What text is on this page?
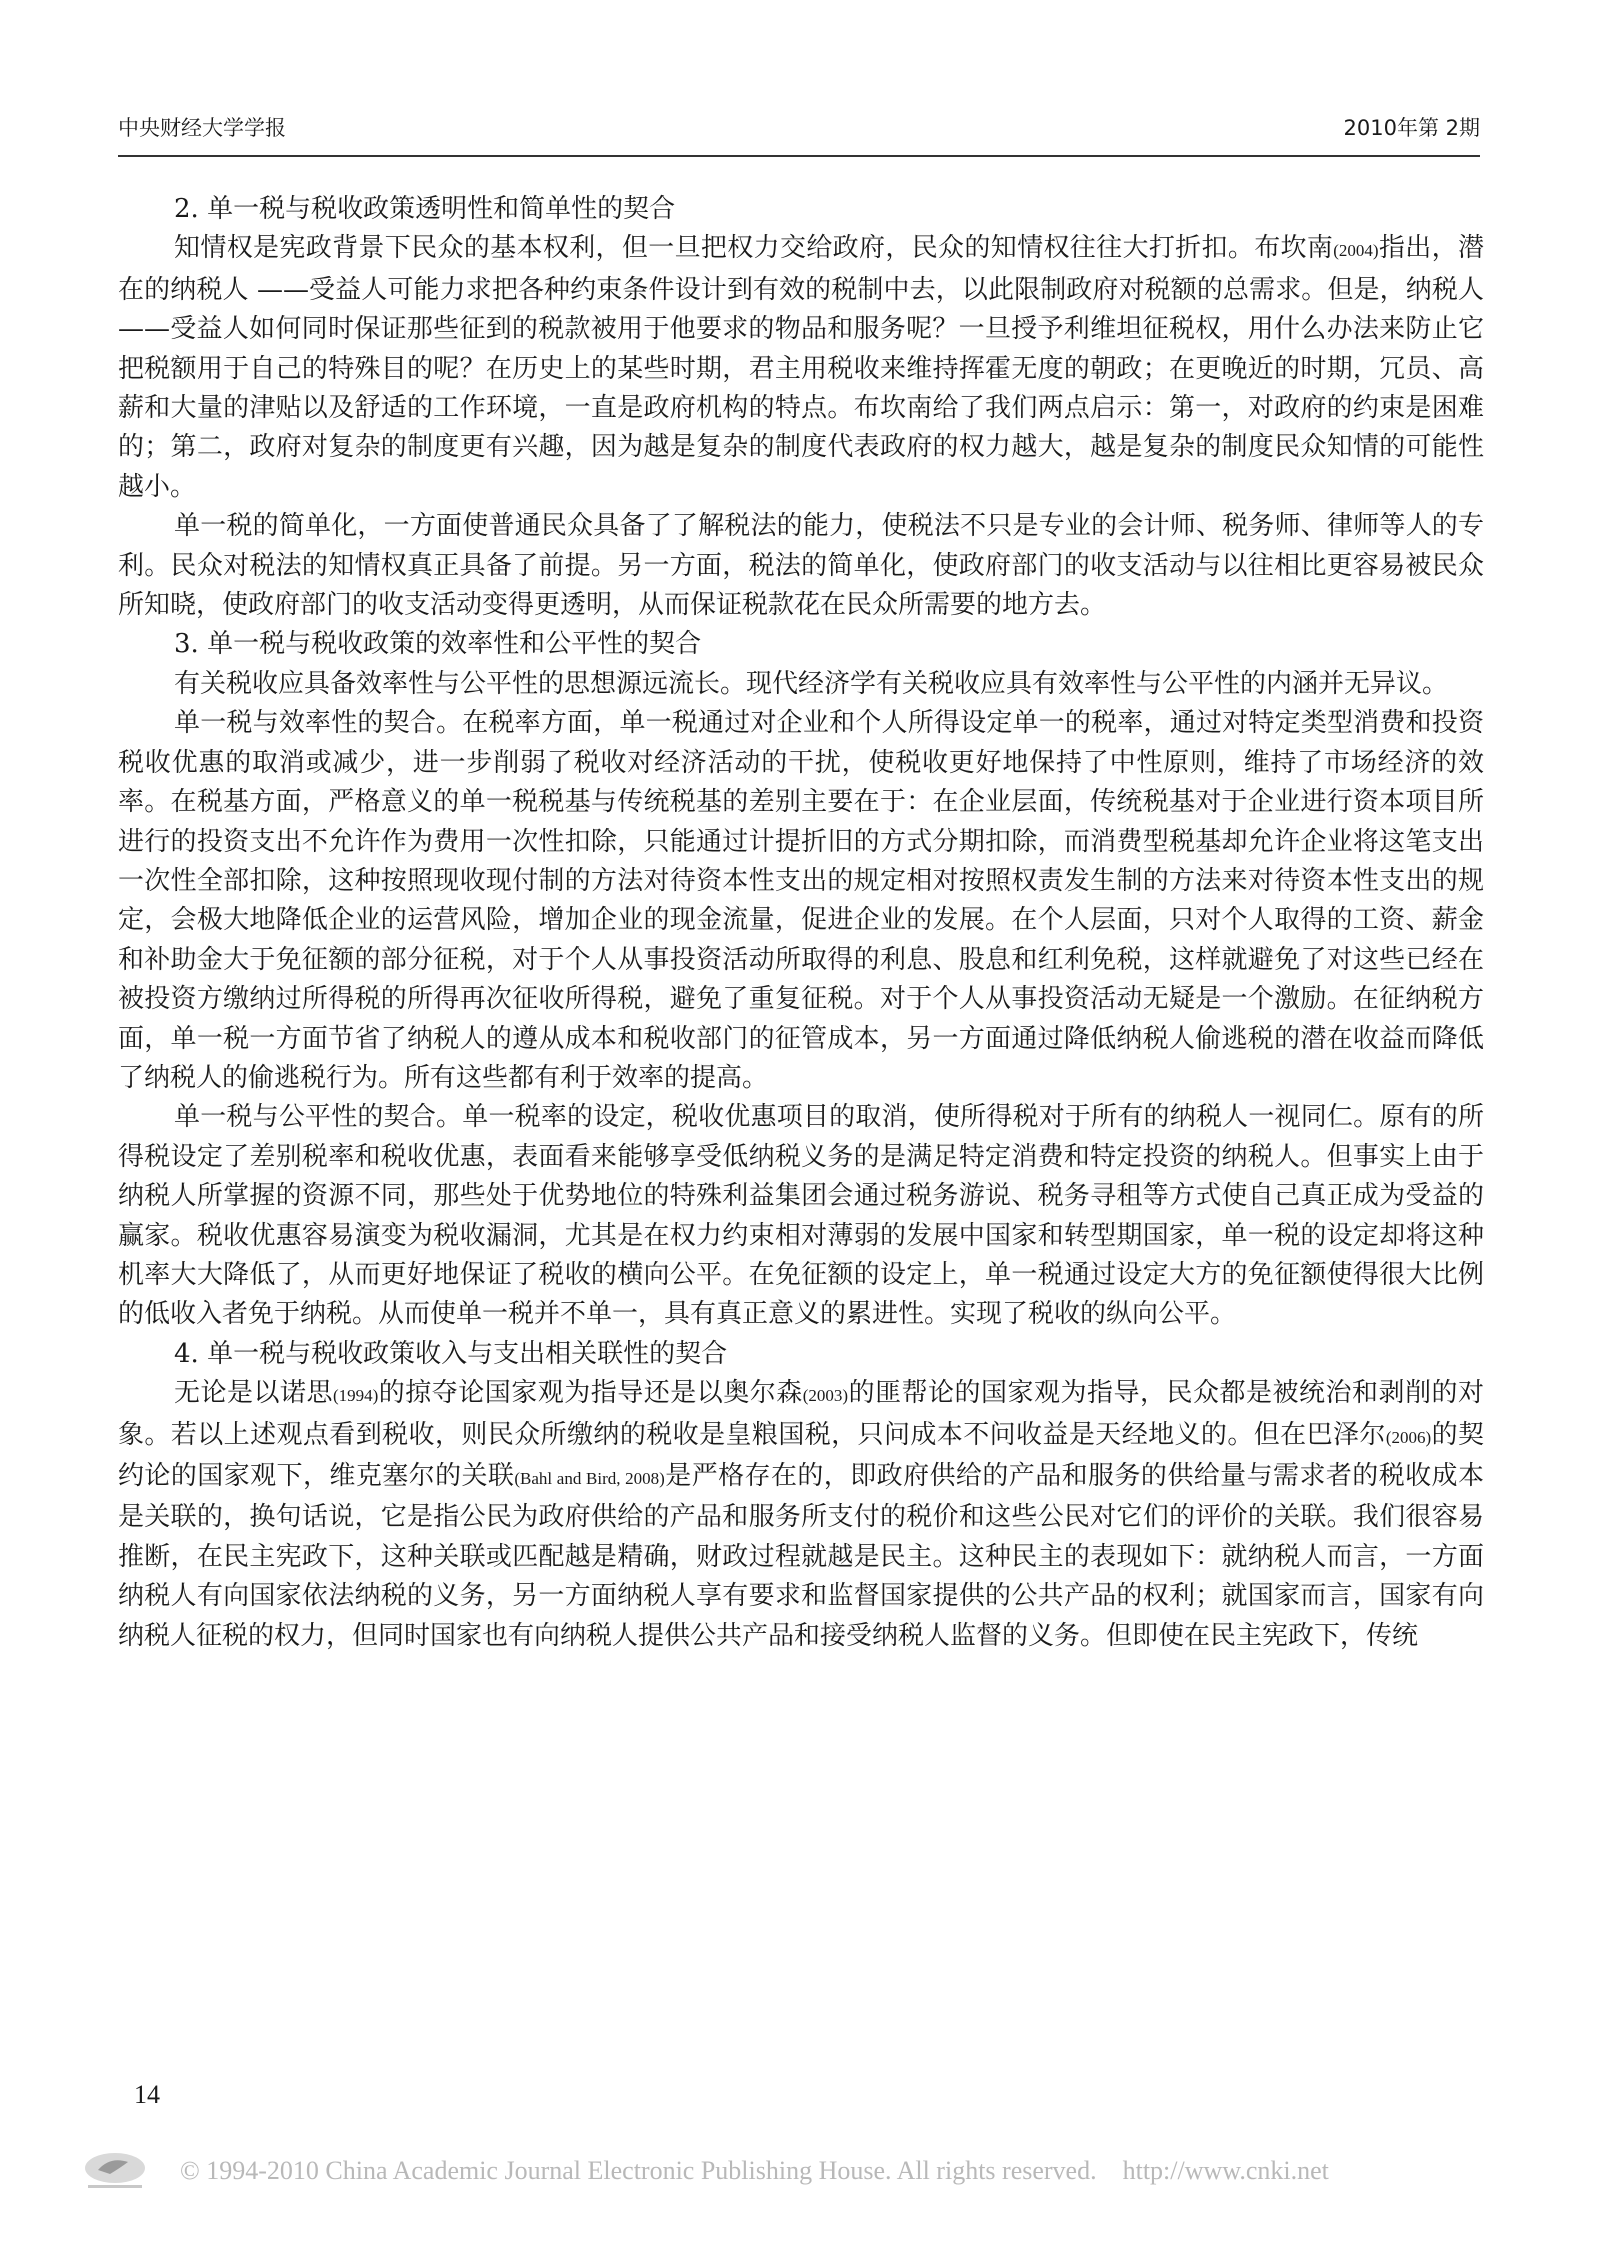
中央财经大学学报	2010年第 2期
2. 单一税与税收政策透明性和简单性的契合

知情权是宪政背景下民众的基本权利，但一旦把权力交给政府，民众的知情权往往大打折扣。布坎南(2004)指出，潜在的纳税人 ——受益人可能力求把各种约束条件设计到有效的税制中去，以此限制政府对税额的总需求。但是，纳税人 ——受益人如何同时保证那些征到的税款被用于他要求的物品和服务呢？一旦授予利维坦征税权，用什么办法来防止它把税额用于自己的特殊目的呢？在历史上的某些时期，君主用税收来维持挥霍无度的朝政；在更晚近的时期，冗员、高薪和大量的津贴以及舒适的工作环境，一直是政府机构的特点。布坎南给了我们两点启示：第一，对政府的约束是困难的；第二，政府对复杂的制度更有兴趣，因为越是复杂的制度代表政府的权力越大，越是复杂的制度民众知情的可能性越小。

单一税的简单化，一方面使普通民众具备了了解税法的能力，使税法不只是专业的会计师、税务师、律师等人的专利。民众对税法的知情权真正具备了前提。另一方面，税法的简单化，使政府部门的收支活动与以往相比更容易被民众所知晓，使政府部门的收支活动变得更透明，从而保证税款花在民众所需要的地方去。

3. 单一税与税收政策的效率性和公平性的契合

有关税收应具备效率性与公平性的思想源远流长。现代经济学有关税收应具有效率性与公平性的内涵并无异议。

单一税与效率性的契合。在税率方面，单一税通过对企业和个人所得设定单一的税率，通过对特定类型消费和投资税收优惠的取消或减少，进一步削弱了税收对经济活动的干扰，使税收更好地保持了中性原则，维持了市场经济的效率。在税基方面，严格意义的单一税税基与传统税基的差别主要在于：在企业层面，传统税基对于企业进行资本项目所进行的投资支出不允许作为费用一次性扣除，只能通过计提折旧的方式分期扣除，而消费型税基却允许企业将这笔支出一次性全部扣除，这种按照现收现付制的方法对待资本性支出的规定相对按照权责发生制的方法来对待资本性支出的规定，会极大地降低企业的运营风险，增加企业的现金流量，促进企业的发展。在个人层面，只对个人取得的工资、薪金和补助金大于免征额的部分征税，对于个人从事投资活动所取得的利息、股息和红利免税，这样就避免了对这些已经在被投资方缴纳过所得税的所得再次征收所得税，避免了重复征税。对于个人从事投资活动无疑是一个激励。在征纳税方面，单一税一方面节省了纳税人的遵从成本和税收部门的征管成本，另一方面通过降低纳税人偷逃税的潜在收益而降低了纳税人的偷逃税行为。所有这些都有利于效率的提高。

单一税与公平性的契合。单一税率的设定，税收优惠项目的取消，使所得税对于所有的纳税人一视同仁。原有的所得税设定了差别税率和税收优惠，表面看来能够享受低纳税义务的是满足特定消费和特定投资的纳税人。但事实上由于纳税人所掌握的资源不同，那些处于优势地位的特殊利益集团会通过税务游说、税务寻租等方式使自己真正成为受益的赢家。税收优惠容易演变为税收漏洞，尤其是在权力约束相对薄弱的发展中国家和转型期国家，单一税的设定却将这种机率大大降低了，从而更好地保证了税收的横向公平。在免征额的设定上，单一税通过设定大方的免征额使得很大比例的低收入者免于纳税。从而使单一税并不单一，具有真正意义的累进性。实现了税收的纵向公平。

4. 单一税与税收政策收入与支出相关联性的契合

无论是以诺思(1994)的掠夺论国家观为指导还是以奥尔森(2003)的匪帮论的国家观为指导，民众都是被统治和剥削的对象。若以上述观点看到税收，则民众所缴纳的税收是皇粮国税，只问成本不问收益是天经地义的。但在巴泽尔(2006)的契约论的国家观下，维克塞尔的关联(Bahl and Bird, 2008)是严格存在的，即政府供给的产品和服务的供给量与需求者的税收成本是关联的，换句话说，它是指公民为政府供给的产品和服务所支付的税价和这些公民对它们的评价的关联。我们很容易推断，在民主宪政下，这种关联或匹配越是精确，财政过程就越是民主。这种民主的表现如下：就纳税人而言，一方面纳税人有向国家依法纳税的义务，另一方面纳税人享有要求和监督国家提供的公共产品的权利；就国家而言，国家有向纳税人征税的权力，但同时国家也有向纳税人提供公共产品和接受纳税人监督的义务。但即使在民主宪政下，传统

14
© 1994-2010 China Academic Journal Electronic Publishing House. All rights reserved. http://www.cnki.net
